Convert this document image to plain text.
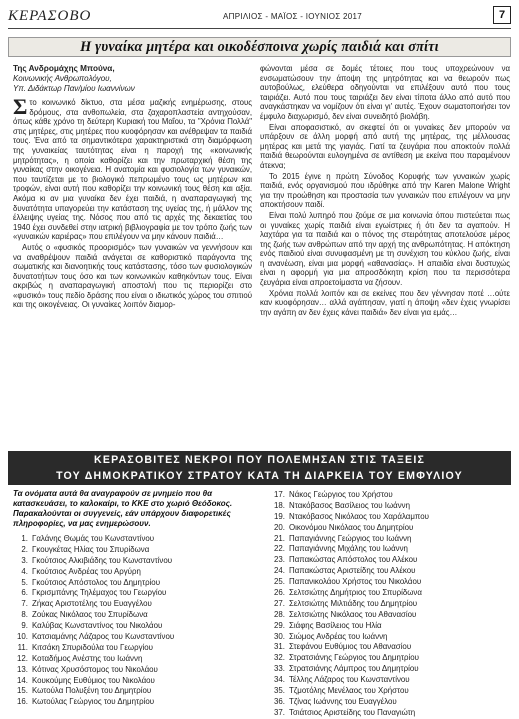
ΚΕΡΑΣΟΒΟ	ΑΠΡΙΛΙΟΣ - ΜΑΪΟΣ - ΙΟΥΝΙΟΣ 2017	7
Η γυναίκα μητέρα και οικοδέσποινα χωρίς παιδιά και σπίτι
Της Ανδρομάχης Μπούνα,
Κοινωνικής Ανθρωπολόγου,
Υπ. Διδάκτωρ Παν/μίου Ιωαννίνων

Στο κοινωνικό δίκτυο, στα μέσα μαζικής ενημέρωσης, στους δρόμους, στα ανθοπωλεία, στα ζαχαροπλαστεία αντηχούσαν, όπως κάθε χρόνο τη δεύτερη Κυριακή του Μαΐου, τα "Χρόνια Πολλά" στις μητέρες, στις μητέρες που κυοφόρησαν και ανέθρεψαν τα παιδιά τους. Ένα από τα σημαντικότερα χαρακτηριστικά στη διαμόρφωση της γυναικείας ταυτότητας είναι η παροχή της «κοινωνικής μητρότητας», η οποία καθορίζει και την πρωταρχική θέση της γυναίκας στην οικογένεια. Η ανατομία και φυσιολογία των γυναικών, που ταυτίζεται με το βιολογικό πεπρωμένο τους ως μητέρων και τροφών, είναι αυτή που καθορίζει την κοινωνική τους θέση και αξία. Ακόμα κι αν μια γυναίκα δεν έχει παιδιά, η αναπαραγωγική της δυνατότητα υπαγορεύει την κατάσταση της υγείας της, ή μάλλον της έλλειψης υγείας της. Νόσος που από τις αρχές της δεκαετίας του 1940 έχει συνδεθεί στην ιατρική βιβλιογραφία με τον τρόπο ζωής των «γυναικών καριέρας» που επιλέγουν να μην κάνουν παιδιά…

Αυτός ο «φυσικός προορισμός» των γυναικών να γεννήσουν και να αναθρέψουν παιδιά ανάγεται σε καθοριστικό παράγοντα της σωματικής και διανοητικής τους κατάστασης, τόσο των φυσιολογικών δυνατοτήτων τους όσο και των κοινωνικών καθηκόντων τους. Είναι ακριβώς η αναπαραγωγική αποστολή που τις περιορίζει στο «φυσικό» τους πεδίο δράσης που είναι ο ιδιωτικός χώρος του σπιτιού και της οικογένειας. Οι γυναίκες λοιπόν διαμορ-

φώνονται μέσα σε δομές τέτοιες που τους υποχρεώνουν να ενσωματώσουν την άποψη της μητρότητας και να θεωρούν πως αυτοβούλως, ελεύθερα οδηγούνται να επιλέξουν αυτό που τους ταιριάζει. Αυτό που τους ταιριάζει δεν είναι τίποτα άλλο από αυτό που αναγκάστηκαν να νομίζουν ότι είναι γι' αυτές. Έχουν σωματοποιήσει τον έμφυλο διαχωρισμό, δεν είναι συνειδητό βιολάβη.

Είναι αποφασιστικό, αν σκεφτεί ότι οι γυναίκες δεν μπορούν να υπάρξουν σε άλλη μορφή από αυτή της μητέρας, της μέλλουσας μητέρας και μετά της γιαγιάς. Γιατί τα ζευγάρια που αποκτούν πολλά παιδιά θεωρούνται ευλογημένα σε αντίθεση με εκείνα που παραμένουν άτεκνα;

Το 2015 έγινε η πρώτη Σύνοδος Κορυφής των γυναικών χωρίς παιδιά, ενός οργανισμού που ιδρύθηκε από την Karen Malone Wright για την προώθηση και προστασία των γυναικών που επιλέγουν να μην αποκτήσουν παιδί.

Είναι πολύ λυπηρό που ζούμε σε μια κοινωνία όπου πιστεύεται πως οι γυναίκες χωρίς παιδιά είναι εγωίστριες ή ότι δεν τα αγαπούν. Η λαχτάρα για τα παιδιά και ο πόνος της στειρότητας αποτελούσε μέρος της ζωής των ανθρώπων από την αρχή της ανθρωπότητας. Η απόκτηση ενός παιδιού είναι συνυφασμένη με τη συνέχιση του κύκλου ζωής, είναι η ανανέωση, είναι μια μορφή «αθανασίας». Η απαιδία είναι δυστυχώς είναι η αφορμή για μια απροσδόκητη κρίση που τα περισσότερα ζευγάρια είναι απροετοίμαστα να ζήσουν.

Χρόνια πολλά λοιπόν και σε εκείνες που δεν γέννησαν ποτέ …ούτε καν κυοφόρησαν… αλλά αγάπησαν, γιατί η άποψη «δεν έχεις γνωρίσει την αγάπη αν δεν έχεις κάνει παιδιά» δεν είναι για εμάς…

ΚΕΡΑΣΟΒΙΤΕΣ ΝΕΚΡΟΙ ΠΟΥ ΠΟΛΕΜΗΣΑΝ ΣΤΙΣ ΤΑΞΕΙΣ
ΤΟΥ ΔΗΜΟΚΡΑΤΙΚΟΥ ΣΤΡΑΤΟΥ ΚΑΤΑ ΤΗ ΔΙΑΡΚΕΙΑ ΤΟΥ ΕΜΦΥΛΙΟΥ
Τα ονόματα αυτά θα αναγραφούν σε μνημείο που θα κατασκευάσει, το καλοκαίρι, το ΚΚΕ στο χωριό Θεόδοκος. Παρακαλούνται οι συγγενείς, εάν υπάρχουν διαφορετικές πληροφορίες, να μας ενημερώσουν.
1. Γαλάνης Θωμάς του Κωνσταντίνου
2. Γκουγκέτας Ηλίας του Σπυρίδωνα
3. Γκούτσιος Αλκιβιάδης του Κωνσταντίνου
4. Γκούτσιος Ανδρέας του Αργύρη
5. Γκούτσιος Απόστολος του Δημητρίου
6. Γκρισμπάνης Τηλέμαχος του Γεωργίου
7. Ζήκας Αριστοτέλης του Ευαγγέλου
8. Ζούκας Νικόλαος του Σπυρίδωνα
9. Καλύβας Κωνσταντίνος του Νικολάου
10. Κατσιαμάνης Λάζαρος του Κωνσταντίνου
11. Κιτσάκη Σπυριδούλα του Γεωργίου
12. Κοταδήμος Ανέστης του Ιωάννη
13. Κότινας Χρυσόστομος του Νικολάου
14. Κουκούμης Ευθύμιος του Νικολάου
15. Κωτούλα Πολυξένη του Δημητρίου
16. Κωτούλας Γεώργιος του Δημητρίου
17. Νάκος Γεώργιος του Χρήστου
18. Ντακόβασος Βασίλειος του Ιωάννη
19. Ντακόβασος Νικόλαος του Χαράλαμπου
20. Οικονόμου Νικόλαος του Δημητρίου
21. Παπαγιάννης Γεώργιος του Ιωάννη
22. Παπαγιάννης Μιχάλης του Ιωάννη
23. Παπακώστας Απόστολος του Αλέκου
24. Παπακώστας Αριστείδης του Αλέκου
25. Παπανικολάου Χρήστος του Νικολάου
26. Σελτσιώτης Δημήτριος του Σπυρίδωνα
27. Σελτσιώτης Μιλτιάδης του Δημητρίου
28. Σελτσιώτης Νικόλαος του Αθανασίου
29. Σιάφης Βασίλειος του Ηλία
30. Σιώμος Ανδρέας του Ιωάννη
31. Στεφάνου Ευθύμιος του Αθανασίου
32. Στρατσιάνης Γεώργιος του Δημητρίου
33. Στρατσιάνης Λάμπρος του Δημητρίου
34. Τέλλης Λάζαρος του Κωνσταντίνου
35. Τζμοτόλης Μενέλαος του Χρήστου
36. Τζίνας Ιωάννης του Ευαγγέλου
37. Τσιάτσιος Αριστείδης του Παναγιώτη
